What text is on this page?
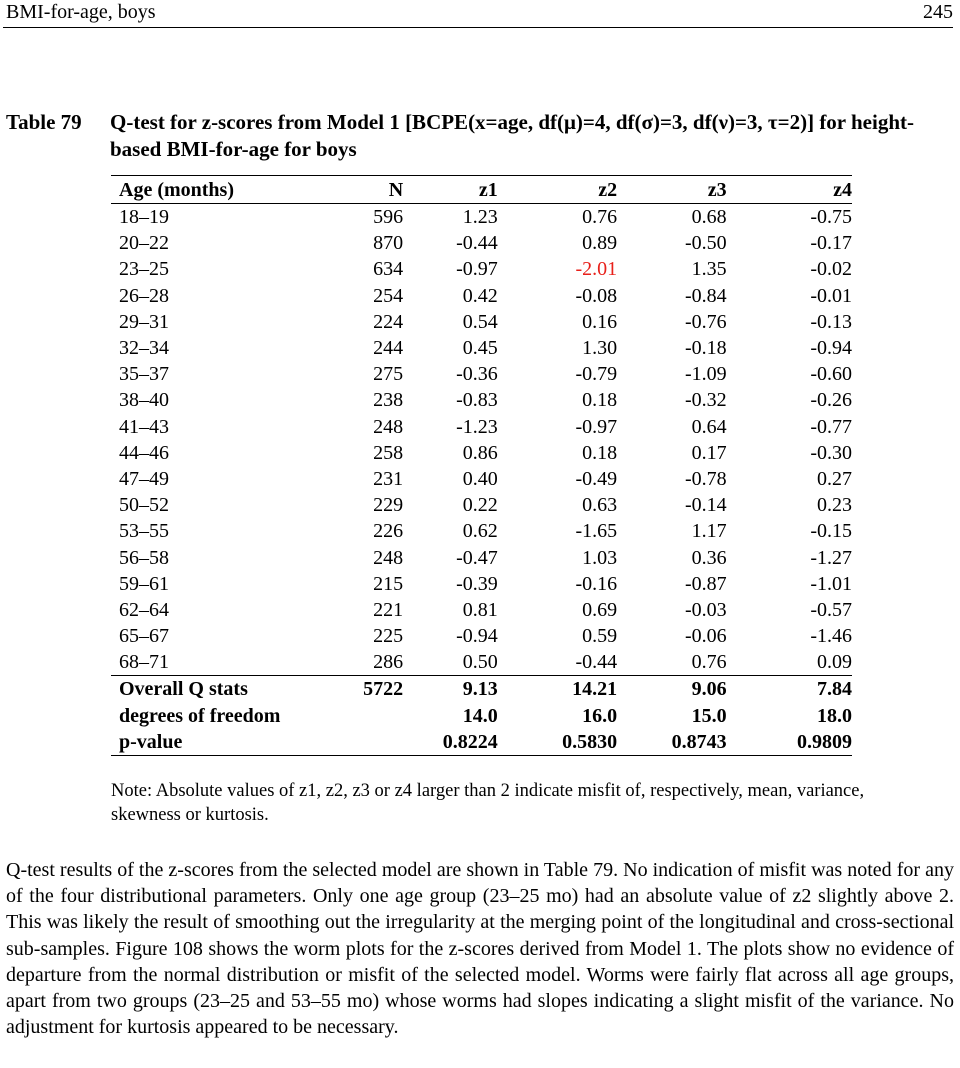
BMI-for-age, boys	245
Table 79 Q-test for z-scores from Model 1 [BCPE(x=age, df(μ)=4, df(σ)=3, df(ν)=3, τ=2)] for height-based BMI-for-age for boys
Age (months)	N	z1	z2	z3	z4
18–19	596	1.23	0.76	0.68	-0.75
20–22	870	-0.44	0.89	-0.50	-0.17
23–25	634	-0.97	-2.01	1.35	-0.02
26–28	254	0.42	-0.08	-0.84	-0.01
29–31	224	0.54	0.16	-0.76	-0.13
32–34	244	0.45	1.30	-0.18	-0.94
35–37	275	-0.36	-0.79	-1.09	-0.60
38–40	238	-0.83	0.18	-0.32	-0.26
41–43	248	-1.23	-0.97	0.64	-0.77
44–46	258	0.86	0.18	0.17	-0.30
47–49	231	0.40	-0.49	-0.78	0.27
50–52	229	0.22	0.63	-0.14	0.23
53–55	226	0.62	-1.65	1.17	-0.15
56–58	248	-0.47	1.03	0.36	-1.27
59–61	215	-0.39	-0.16	-0.87	-1.01
62–64	221	0.81	0.69	-0.03	-0.57
65–67	225	-0.94	0.59	-0.06	-1.46
68–71	286	0.50	-0.44	0.76	0.09
Overall Q stats	5722	9.13	14.21	9.06	7.84
degrees of freedom		14.0	16.0	15.0	18.0
p-value		0.8224	0.5830	0.8743	0.9809
Note: Absolute values of z1, z2, z3 or z4 larger than 2 indicate misfit of, respectively, mean, variance, skewness or kurtosis.
Q-test results of the z-scores from the selected model are shown in Table 79. No indication of misfit was noted for any of the four distributional parameters. Only one age group (23–25 mo) had an absolute value of z2 slightly above 2. This was likely the result of smoothing out the irregularity at the merging point of the longitudinal and cross-sectional sub-samples. Figure 108 shows the worm plots for the z-scores derived from Model 1. The plots show no evidence of departure from the normal distribution or misfit of the selected model. Worms were fairly flat across all age groups, apart from two groups (23–25 and 53–55 mo) whose worms had slopes indicating a slight misfit of the variance. No adjustment for kurtosis appeared to be necessary.
